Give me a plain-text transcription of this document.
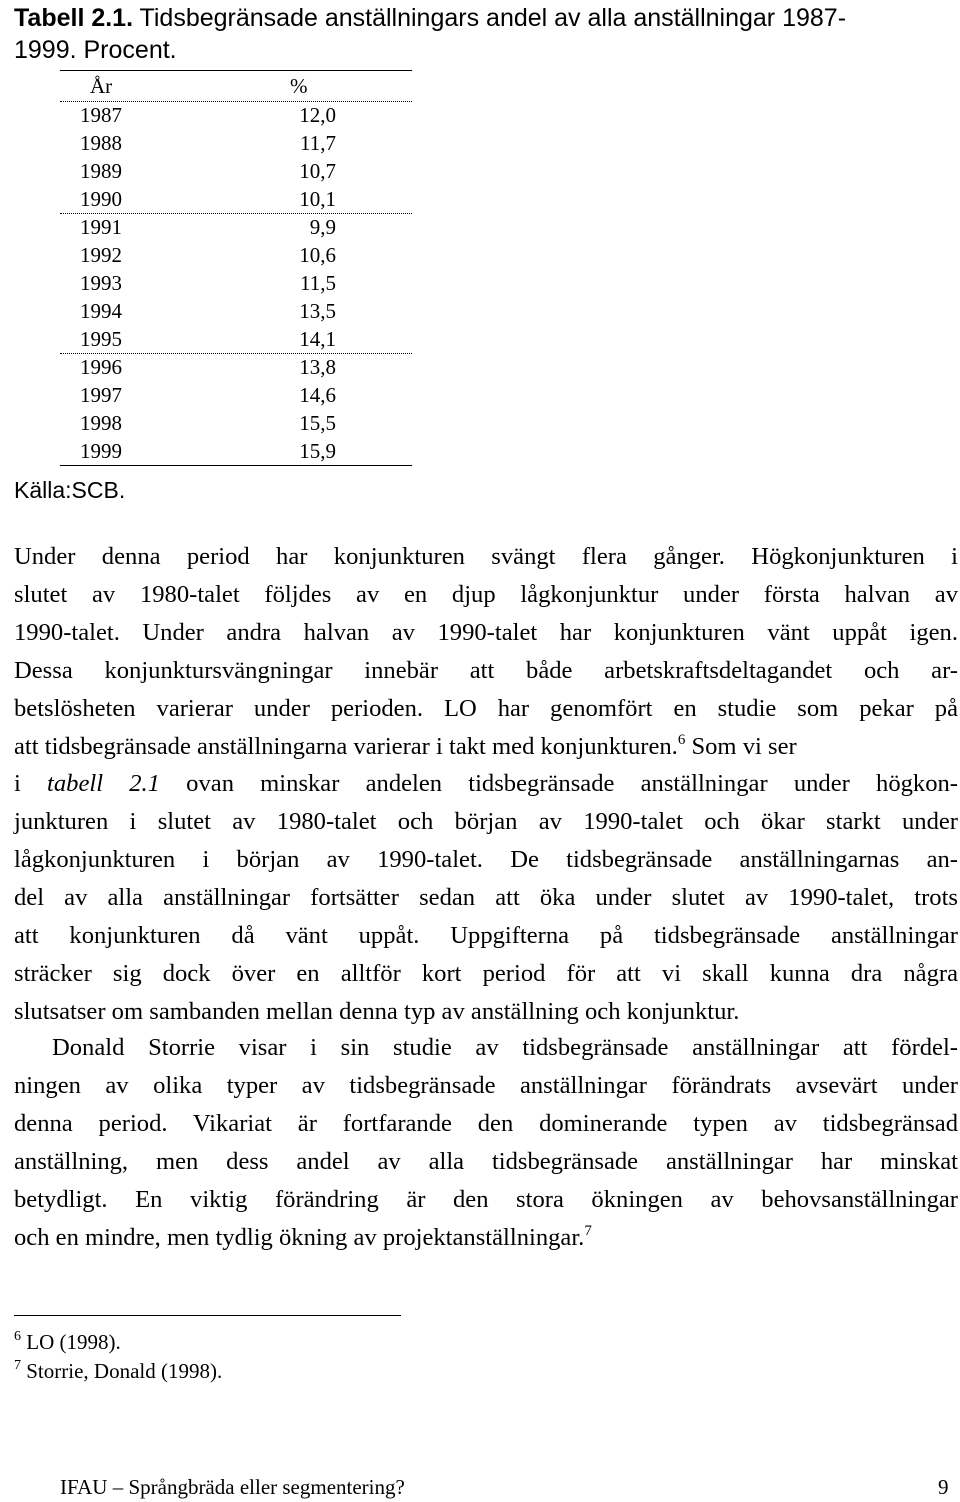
Tabell 2.1. Tidsbegränsade anställningars andel av alla anställningar 1987-
1999. Procent.
År	%
1987	12,0
1988	11,7
1989	10,7
1990	10,1
1991	9,9
1992	10,6
1993	11,5
1994	13,5
1995	14,1
1996	13,8
1997	14,6
1998	15,5
1999	15,9
Källa:SCB.
Under denna period har konjunkturen svängt flera gånger. Högkonjunkturen i
slutet av 1980-talet följdes av en djup lågkonjunktur under första halvan av
1990-talet. Under andra halvan av 1990-talet har konjunkturen vänt uppåt igen.
Dessa konjunktursvängningar innebär att både arbetskraftsdeltagandet och ar-
betslösheten varierar under perioden. LO har genomfört en studie som pekar på
att tidsbegränsade anställningarna varierar i takt med konjunkturen.$^6$ Som vi ser
i tabell 2.1 ovan minskar andelen tidsbegränsade anställningar under högkon-
junkturen i slutet av 1980-talet och början av 1990-talet och ökar starkt under
lågkonjunkturen i början av 1990-talet. De tidsbegränsade anställningarnas an-
del av alla anställningar fortsätter sedan att öka under slutet av 1990-talet, trots
att konjunkturen då vänt uppåt. Uppgifterna på tidsbegränsade anställningar
sträcker sig dock över en alltför kort period för att vi skall kunna dra några
slutsatser om sambanden mellan denna typ av anställning och konjunktur.
Donald Storrie visar i sin studie av tidsbegränsade anställningar att fördel-
ningen av olika typer av tidsbegränsade anställningar förändrats avsevärt under
denna period. Vikariat är fortfarande den dominerande typen av tidsbegränsad
anställning, men dess andel av alla tidsbegränsade anställningar har minskat
betydligt. En viktig förändring är den stora ökningen av behovsanställningar
och en mindre, men tydlig ökning av projektanställningar.$^7$
$^6$ LO (1998).
$^7$ Storrie, Donald (1998).
IFAU – Språngbräda eller segmentering?	9
